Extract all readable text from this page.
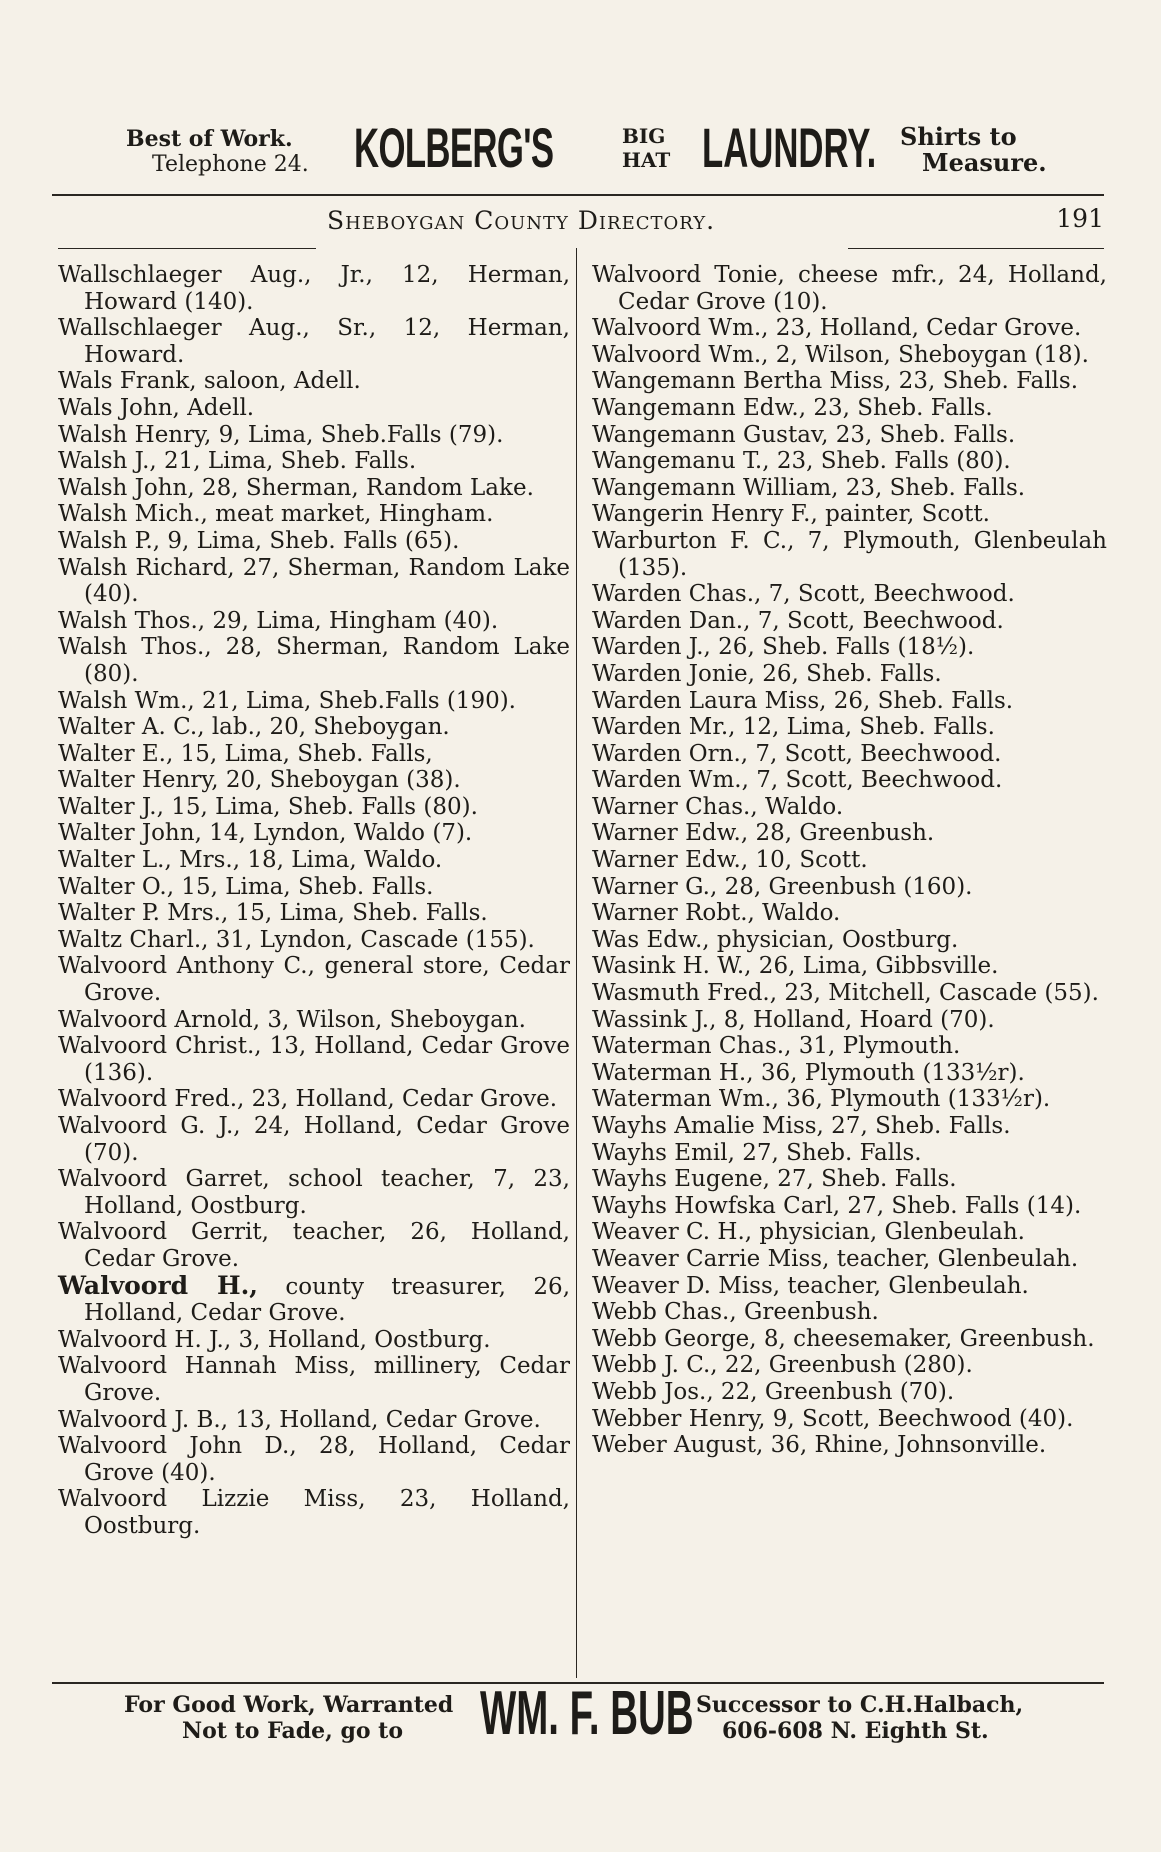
Best of Work.
Telephone 24. KOLBERG'S	BIG
HAT LAUNDRY. Shirts to
Measure.
Sheboygan County Directory.	191
Wallschlaeger Aug., Jr., 12, Herman, Howard (140).
Wallschlaeger Aug., Sr., 12, Herman, Howard.
Wals Frank, saloon, Adell.
Wals John, Adell.
Walsh Henry, 9, Lima, Sheb.Falls (79).
Walsh J., 21, Lima, Sheb. Falls.
Walsh John, 28, Sherman, Random Lake.
Walsh Mich., meat market, Hingham.
Walsh P., 9, Lima, Sheb. Falls (65).
Walsh Richard, 27, Sherman, Random Lake (40).
Walsh Thos., 29, Lima, Hingham (40).
Walsh Thos., 28, Sherman, Random Lake (80).
Walsh Wm., 21, Lima, Sheb.Falls (190).
Walter A. C., lab., 20, Sheboygan.
Walter E., 15, Lima, Sheb. Falls,
Walter Henry, 20, Sheboygan (38).
Walter J., 15, Lima, Sheb. Falls (80).
Walter John, 14, Lyndon, Waldo (7).
Walter L., Mrs., 18, Lima, Waldo.
Walter O., 15, Lima, Sheb. Falls.
Walter P. Mrs., 15, Lima, Sheb. Falls.
Waltz Charl., 31, Lyndon, Cascade (155).
Walvoord Anthony C., general store, Cedar Grove.
Walvoord Arnold, 3, Wilson, Sheboygan.
Walvoord Christ., 13, Holland, Cedar Grove (136).
Walvoord Fred., 23, Holland, Cedar Grove.
Walvoord G. J., 24, Holland, Cedar Grove (70).
Walvoord Garret, school teacher, 7, 23, Holland, Oostburg.
Walvoord Gerrit, teacher, 26, Holland, Cedar Grove.
Walvoord H., county treasurer, 26, Holland, Cedar Grove.
Walvoord H. J., 3, Holland, Oostburg.
Walvoord Hannah Miss, millinery, Cedar Grove.
Walvoord J. B., 13, Holland, Cedar Grove.
Walvoord John D., 28, Holland, Cedar Grove (40).
Walvoord Lizzie Miss, 23, Holland, Oostburg.
Walvoord Tonie, cheese mfr., 24, Holland, Cedar Grove (10).
Walvoord Wm., 23, Holland, Cedar Grove.
Walvoord Wm., 2, Wilson, Sheboygan (18).
Wangemann Bertha Miss, 23, Sheb. Falls.
Wangemann Edw., 23, Sheb. Falls.
Wangemann Gustav, 23, Sheb. Falls.
Wangemanu T., 23, Sheb. Falls (80).
Wangemann William, 23, Sheb. Falls.
Wangerin Henry F., painter, Scott.
Warburton F. C., 7, Plymouth, Glenbeulah (135).
Warden Chas., 7, Scott, Beechwood.
Warden Dan., 7, Scott, Beechwood.
Warden J., 26, Sheb. Falls (18½).
Warden Jonie, 26, Sheb. Falls.
Warden Laura Miss, 26, Sheb. Falls.
Warden Mr., 12, Lima, Sheb. Falls.
Warden Orn., 7, Scott, Beechwood.
Warden Wm., 7, Scott, Beechwood.
Warner Chas., Waldo.
Warner Edw., 28, Greenbush.
Warner Edw., 10, Scott.
Warner G., 28, Greenbush (160).
Warner Robt., Waldo.
Was Edw., physician, Oostburg.
Wasink H. W., 26, Lima, Gibbsville.
Wasmuth Fred., 23, Mitchell, Cascade (55).
Wassink J., 8, Holland, Hoard (70).
Waterman Chas., 31, Plymouth.
Waterman H., 36, Plymouth (133½r).
Waterman Wm., 36, Plymouth (133½r).
Wayhs Amalie Miss, 27, Sheb. Falls.
Wayhs Emil, 27, Sheb. Falls.
Wayhs Eugene, 27, Sheb. Falls.
Wayhs Howfska Carl, 27, Sheb. Falls (14).
Weaver C. H., physician, Glenbeulah.
Weaver Carrie Miss, teacher, Glenbeulah.
Weaver D. Miss, teacher, Glenbeulah.
Webb Chas., Greenbush.
Webb George, 8, cheesemaker, Greenbush.
Webb J. C., 22, Greenbush (280).
Webb Jos., 22, Greenbush (70).
Webber Henry, 9, Scott, Beechwood (40).
Weber August, 36, Rhine, Johnsonville.
For Good Work, Warranted
Not to Fade, go to WM. F. BUB Successor to C.H.Halbach,
606-608 N. Eighth St.
